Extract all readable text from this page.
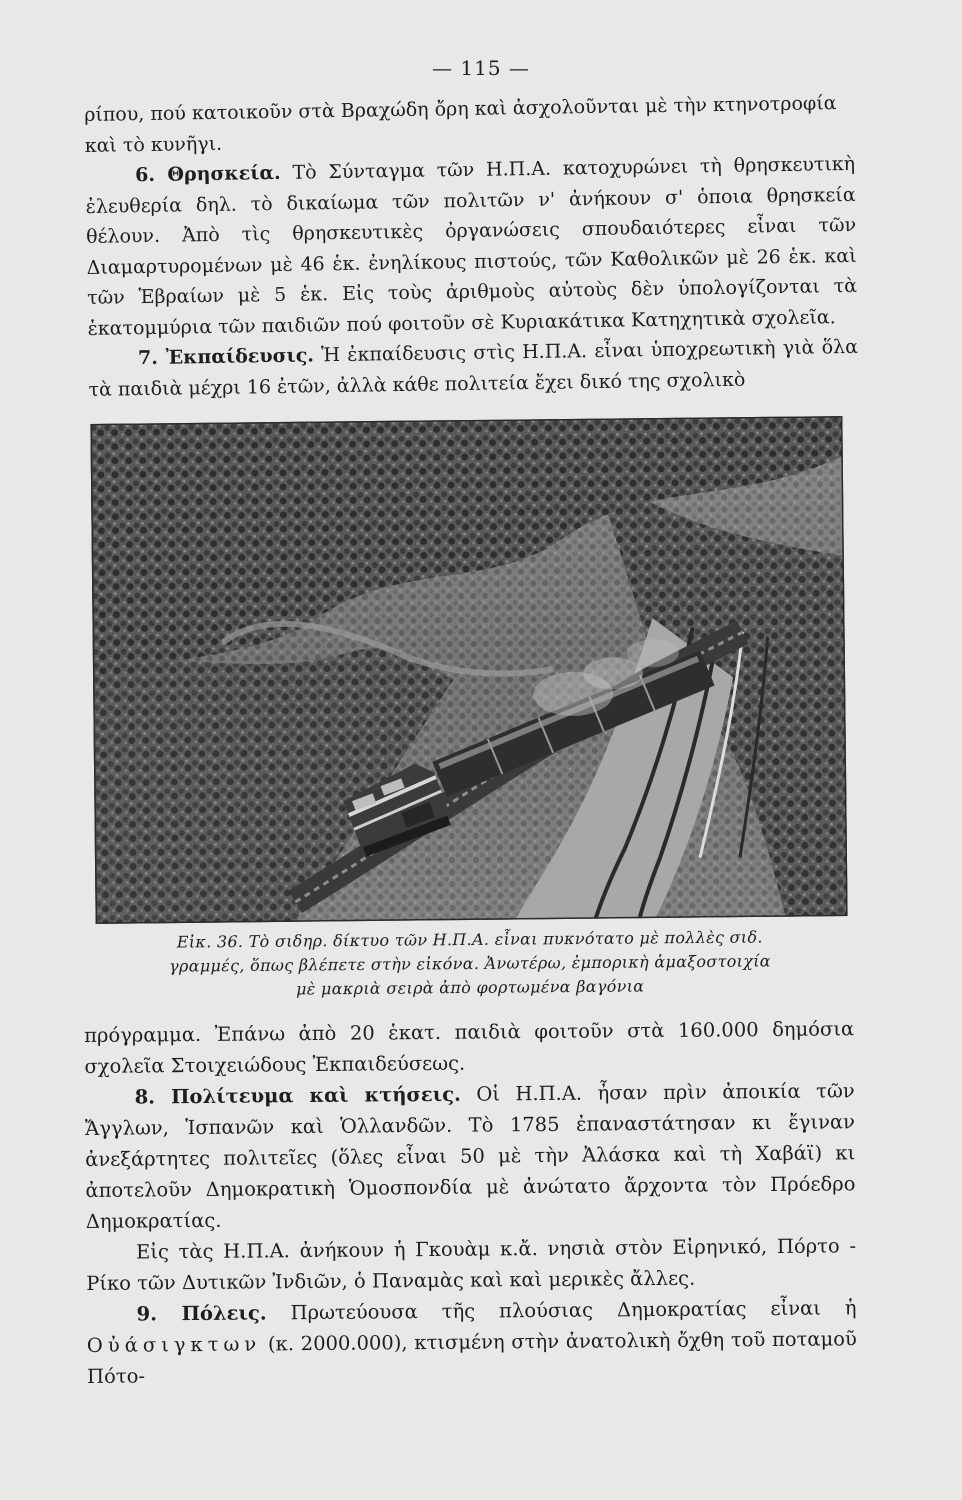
— 115 —

ρίπου, πού κατοικοῦν στὰ Βραχώδη ὄρη καὶ ἀσχολοῦνται μὲ τὴν κτηνοτροφία

καὶ τὸ κυνῆγι.

6. Θρησκεία. Τὸ Σύνταγμα τῶν Η.Π.Α. κατοχυρώνει τὴ θρησκευτικὴ ἐλευθερία δηλ. τὸ δικαίωμα τῶν πολιτῶν ν' ἀνήκουν σ' ὁποια θρησκεία θέλουν. Ἀπὸ τὶς θρησκευτικὲς ὀργανώσεις σπουδαιότερες εἶναι τῶν Διαμαρτυρομένων μὲ 46 ἑκ. ἐνηλίκους πιστούς, τῶν Καθολικῶν μὲ 26 ἑκ. καὶ τῶν Ἑβραίων μὲ 5 ἑκ. Εἰς τοὺς ἀριθμοὺς αὐτοὺς δὲν ὑπολογίζονται τὰ ἑκατομμύρια τῶν παιδιῶν πού φοιτοῦν σὲ Κυριακάτικα Κατηχητικὰ σχολεῖα.

7. Ἐκπαίδευσις. Ἡ ἐκπαίδευσις στὶς Η.Π.Α. εἶναι ὑποχρεωτικὴ γιὰ ὅλα τὰ παιδιὰ μέχρι 16 ἐτῶν, ἀλλὰ κάθε πολιτεία ἔχει δικό της σχολικὸ

Εἰκ. 36. Τὸ σιδηρ. δίκτυο τῶν Η.Π.Α. εἶναι πυκνότατο μὲ πολλὲς σιδ.

γραμμές, ὅπως βλέπετε στὴν εἰκόνα. Ἀνωτέρω, ἐμπορικὴ ἁμαξοστοιχία

μὲ μακριὰ σειρὰ ἀπὸ φορτωμένα βαγόνια

πρόγραμμα. Ἐπάνω ἀπὸ 20 ἑκατ. παιδιὰ φοιτοῦν στὰ 160.000 δημόσια σχολεῖα Στοιχειώδους Ἐκπαιδεύσεως.

8. Πολίτευμα καὶ κτήσεις. Οἱ Η.Π.Α. ἦσαν πρὶν ἀποικία τῶν Ἄγγλων, Ἱσπανῶν καὶ Ὁλλανδῶν. Τὸ 1785 ἐπαναστάτησαν κι ἔγιναν ἀνεξάρτητες πολιτεῖες (ὅλες εἶναι 50 μὲ τὴν Ἀλάσκα καὶ τὴ Χαβάϊ) κι ἀποτελοῦν Δημοκρατικὴ Ὁμοσπονδία μὲ ἀνώτατο ἄρχοντα τὸν Πρόεδρο Δημοκρατίας.

Εἰς τὰς Η.Π.Α. ἀνήκουν ἡ Γκουὰμ κ.ἄ. νησιὰ στὸν Εἰρηνικό, Πόρτο - Ρίκο τῶν Δυτικῶν Ἰνδιῶν, ὁ Παναμὰς καὶ καὶ μερικὲς ἄλλες.

9. Πόλεις. Πρωτεύουσα τῆς πλούσιας Δημοκρατίας εἶναι ἡ Οὐάσιγκτων (κ. 2000.000), κτισμένη στὴν ἀνατολικὴ ὄχθη τοῦ ποταμοῦ Πότο-
